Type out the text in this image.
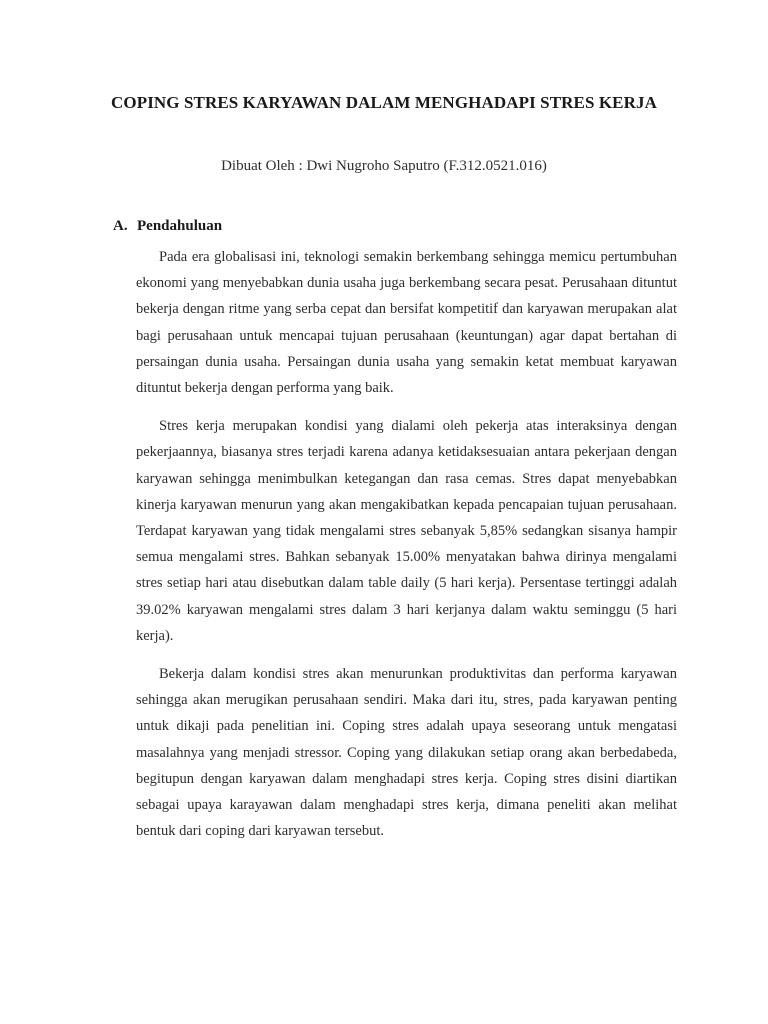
COPING STRES KARYAWAN DALAM MENGHADAPI STRES KERJA
Dibuat Oleh : Dwi Nugroho Saputro (F.312.0521.016)
A. Pendahuluan

Pada era globalisasi ini, teknologi semakin berkembang sehingga memicu pertumbuhan ekonomi yang menyebabkan dunia usaha juga berkembang secara pesat. Perusahaan dituntut bekerja dengan ritme yang serba cepat dan bersifat kompetitif dan karyawan merupakan alat bagi perusahaan untuk mencapai tujuan perusahaan (keuntungan) agar dapat bertahan di persaingan dunia usaha. Persaingan dunia usaha yang semakin ketat membuat karyawan dituntut bekerja dengan performa yang baik.

Stres kerja merupakan kondisi yang dialami oleh pekerja atas interaksinya dengan pekerjaannya, biasanya stres terjadi karena adanya ketidaksesuaian antara pekerjaan dengan karyawan sehingga menimbulkan ketegangan dan rasa cemas. Stres dapat menyebabkan kinerja karyawan menurun yang akan mengakibatkan kepada pencapaian tujuan perusahaan. Terdapat karyawan yang tidak mengalami stres sebanyak 5,85% sedangkan sisanya hampir semua mengalami stres. Bahkan sebanyak 15.00% menyatakan bahwa dirinya mengalami stres setiap hari atau disebutkan dalam table daily (5 hari kerja). Persentase tertinggi adalah 39.02% karyawan mengalami stres dalam 3 hari kerjanya dalam waktu seminggu (5 hari kerja).

Bekerja dalam kondisi stres akan menurunkan produktivitas dan performa karyawan sehingga akan merugikan perusahaan sendiri. Maka dari itu, stres, pada karyawan penting untuk dikaji pada penelitian ini. Coping stres adalah upaya seseorang untuk mengatasi masalahnya yang menjadi stressor. Coping yang dilakukan setiap orang akan berbedabeda, begitupun dengan karyawan dalam menghadapi stres kerja. Coping stres disini diartikan sebagai upaya karayawan dalam menghadapi stres kerja, dimana peneliti akan melihat bentuk dari coping dari karyawan tersebut.
